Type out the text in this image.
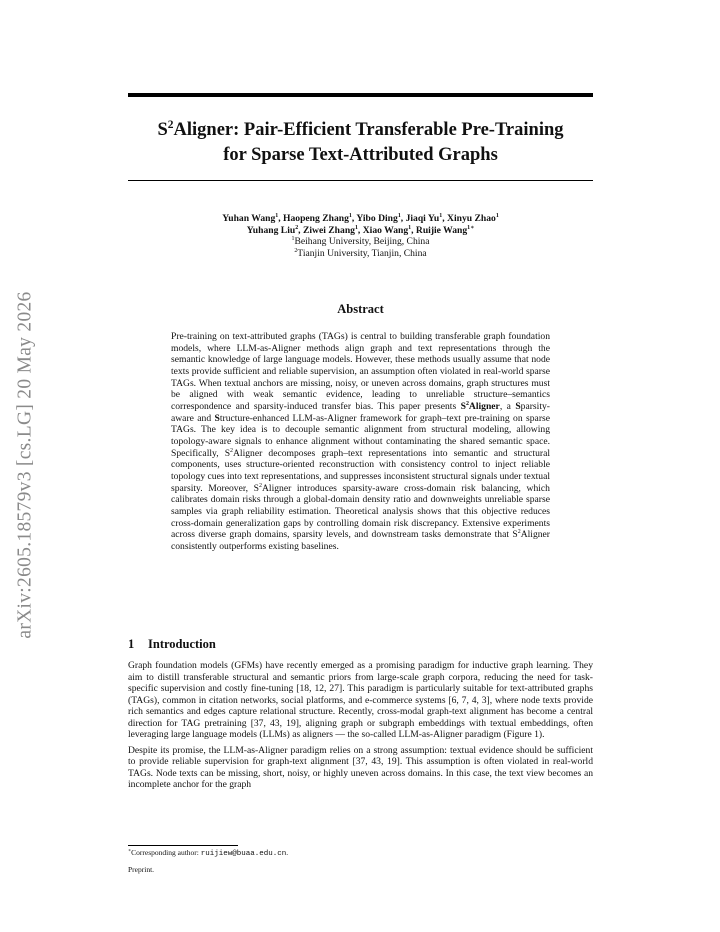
arXiv:2605.18579v3 [cs.LG] 20 May 2026
$S^2Aligner$: Pair-Efficient Transferable Pre-Training
for Sparse Text-Attributed Graphs
Yuhan Wang$^1$, Haopeng Zhang$^1$, Yibo Ding$^1$, Jiaqi Yu$^1$, Xinyu Zhao$^1$
Yuhang Liu$^2$, Ziwei Zhang$^1$, Xiao Wang$^1$, Ruijie Wang$^{1∗}$
$^1$Beihang University, Beijing, China
$^2$Tianjin University, Tianjin, China
Abstract
Pre-training on text-attributed graphs (TAGs) is central to building transferable graph foundation models, where LLM-as-Aligner methods align graph and text representations through the semantic knowledge of large language models. However, these methods usually assume that node texts provide sufficient and reliable supervision, an assumption often violated in real-world sparse TAGs. When textual anchors are missing, noisy, or uneven across domains, graph structures must be aligned with weak semantic evidence, leading to unreliable structure–semantics correspondence and sparsity-induced transfer bias. This paper presents $S^2Aligner$, a Sparsity-aware and Structure-enhanced LLM-as-Aligner framework for graph–text pre-training on sparse TAGs. The key idea is to decouple semantic alignment from structural modeling, allowing topology-aware signals to enhance alignment without contaminating the shared semantic space. Specifically, $S^2Aligner$ decomposes graph–text representations into semantic and structural components, uses structure-oriented reconstruction with consistency control to inject reliable topology cues into text representations, and suppresses inconsistent structural signals under textual sparsity. Moreover, $S^2Aligner$ introduces sparsity-aware cross-domain risk balancing, which calibrates domain risks through a global-domain density ratio and downweights unreliable sparse samples via graph reliability estimation. Theoretical analysis shows that this objective reduces cross-domain generalization gaps by controlling domain risk discrepancy. Extensive experiments across diverse graph domains, sparsity levels, and downstream tasks demonstrate that $S^2Aligner$ consistently outperforms existing baselines.
1 Introduction

Graph foundation models (GFMs) have recently emerged as a promising paradigm for inductive graph learning. They aim to distill transferable structural and semantic priors from large-scale graph corpora, reducing the need for task-specific supervision and costly fine-tuning [18, 12, 27]. This paradigm is particularly suitable for text-attributed graphs (TAGs), common in citation networks, social platforms, and e-commerce systems [6, 7, 4, 3], where node texts provide rich semantics and edges capture relational structure. Recently, cross-modal graph-text alignment has become a central direction for TAG pretraining [37, 43, 19], aligning graph or subgraph embeddings with textual embeddings, often leveraging large language models (LLMs) as aligners — the so-called LLM-as-Aligner paradigm (Figure 1).

Despite its promise, the LLM-as-Aligner paradigm relies on a strong assumption: textual evidence should be sufficient to provide reliable supervision for graph-text alignment [37, 43, 19]. This assumption is often violated in real-world TAGs. Node texts can be missing, short, noisy, or highly uneven across domains. In this case, the text view becomes an incomplete anchor for the graph

∗Corresponding author: ruijiew@buaa.edu.cn.
Preprint.
